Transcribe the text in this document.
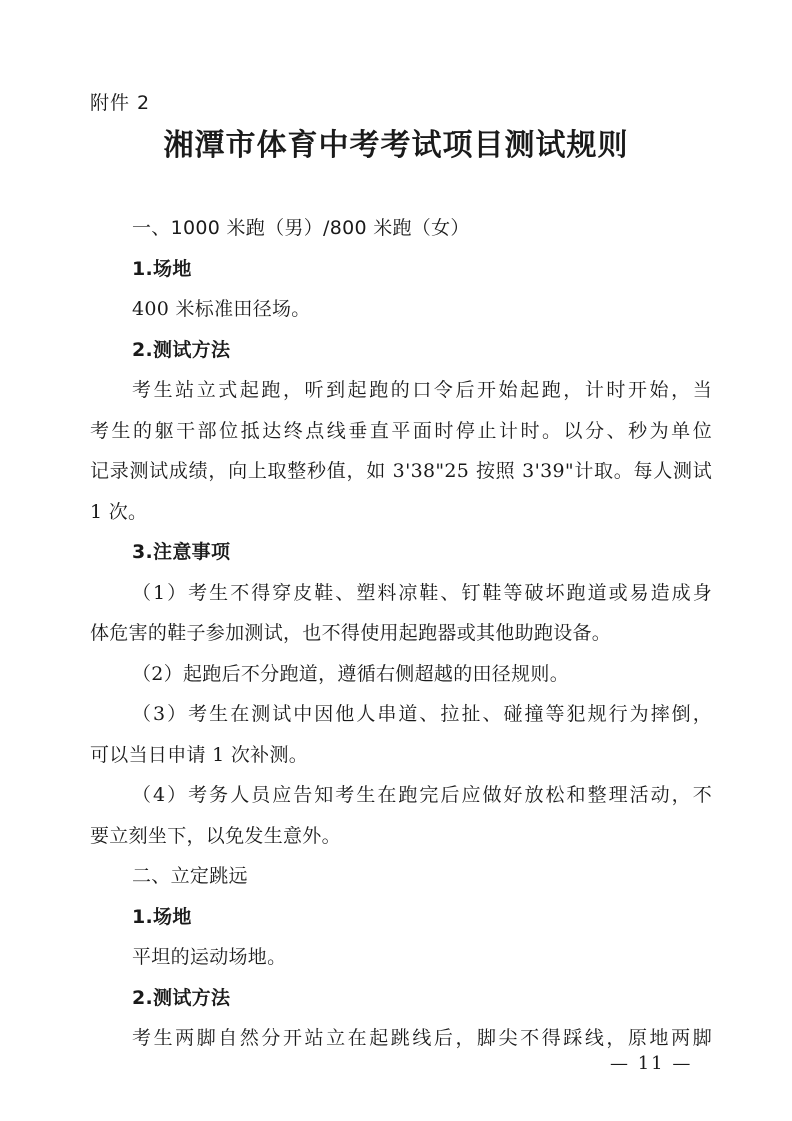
附件 2
湘潭市体育中考考试项目测试规则

一、1000 米跑（男）/800 米跑（女）

1.场地

400 米标准田径场。

2.测试方法

考生站立式起跑，听到起跑的口令后开始起跑，计时开始，当

考生的躯干部位抵达终点线垂直平面时停止计时。以分、秒为单位

记录测试成绩，向上取整秒值，如 3'38"25 按照 3'39"计取。每人测试

1 次。

3.注意事项

（1）考生不得穿皮鞋、塑料凉鞋、钉鞋等破坏跑道或易造成身

体危害的鞋子参加测试，也不得使用起跑器或其他助跑设备。

（2）起跑后不分跑道，遵循右侧超越的田径规则。

（3）考生在测试中因他人串道、拉扯、碰撞等犯规行为摔倒，

可以当日申请 1 次补测。

（4）考务人员应告知考生在跑完后应做好放松和整理活动，不

要立刻坐下，以免发生意外。

二、立定跳远

1.场地

平坦的运动场地。

2.测试方法

考生两脚自然分开站立在起跳线后，脚尖不得踩线，原地两脚

— 11 —
